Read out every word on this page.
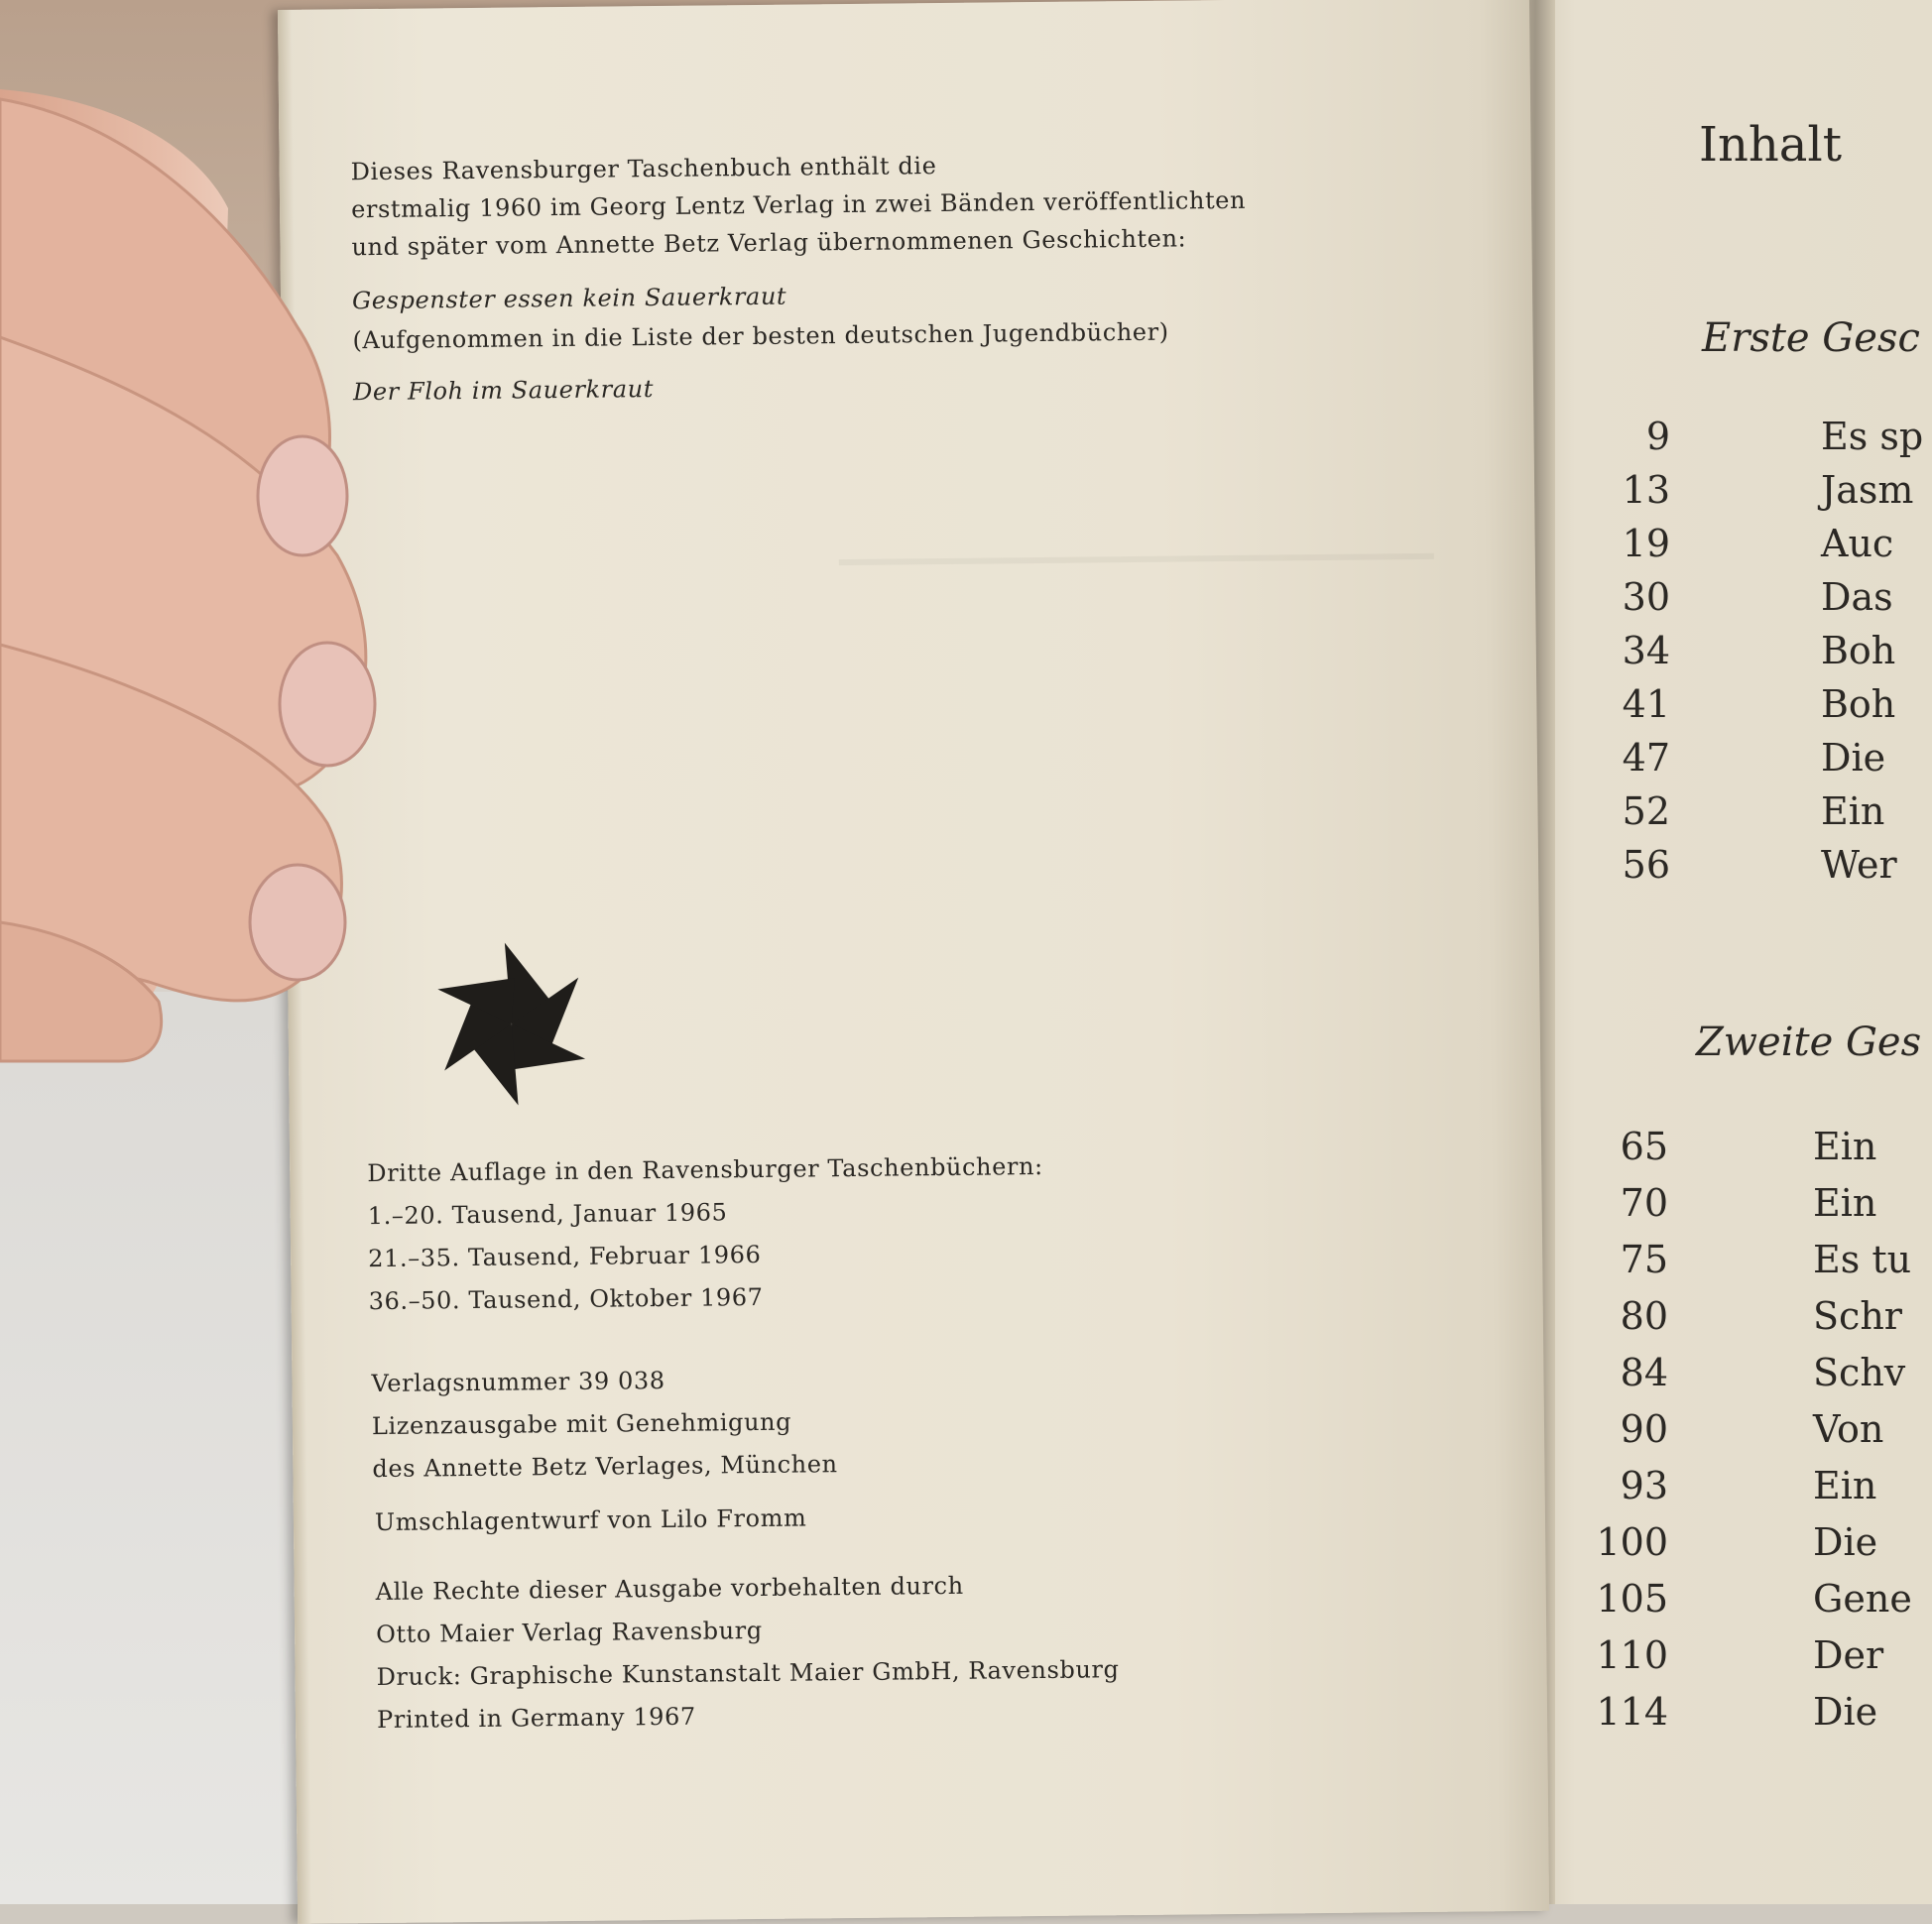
Inhalt
Erste Gesc
9	Es sp
13	Jasm
19	Auc
30	Das
34	Boh
41	Boh
47	Die
52	Ein
56	Wer
Zweite Ges
65	Ein
70	Ein
75	Es tu
80	Schr
84	Schv
90	Von
93	Ein
100	Die
105	Gene
110	Der
114	Die
Dieses Ravensburger Taschenbuch enthält die
erstmalig 1960 im Georg Lentz Verlag in zwei Bänden veröffentlichten
und später vom Annette Betz Verlag übernommenen Geschichten:
Gespenster essen kein Sauerkraut
(Aufgenommen in die Liste der besten deutschen Jugendbücher)
Der Floh im Sauerkraut
Dritte Auflage in den Ravensburger Taschenbüchern:
1.–20. Tausend, Januar 1965
21.–35. Tausend, Februar 1966
36.–50. Tausend, Oktober 1967
Verlagsnummer 39 038
Lizenzausgabe mit Genehmigung
des Annette Betz Verlages, München
Umschlagentwurf von Lilo Fromm
Alle Rechte dieser Ausgabe vorbehalten durch
Otto Maier Verlag Ravensburg
Druck: Graphische Kunstanstalt Maier GmbH, Ravensburg
Printed in Germany 1967
